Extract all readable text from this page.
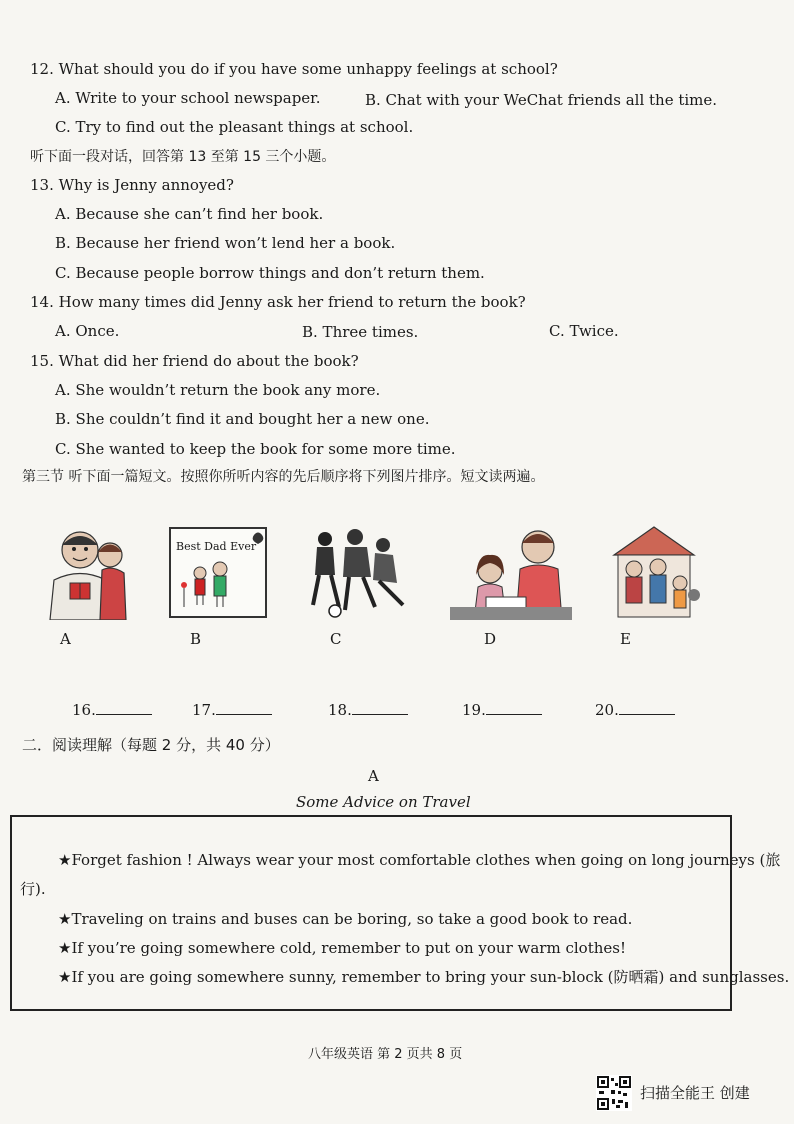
12. What should you do if you have some unhappy feelings at school?
A. Write to your school newspaper.	B. Chat with your WeChat friends all the time.
C. Try to find out the pleasant things at school.
听下面一段对话，回答第 13 至第 15 三个小题。
13. Why is Jenny annoyed?
A. Because she can’t find her book.
B. Because her friend won’t lend her a book.
C. Because people borrow things and don’t return them.
14. How many times did Jenny ask her friend to return the book?
A. Once.	B. Three times.	C. Twice.
15. What did her friend do about the book?
A. She wouldn’t return the book any more.
B. She couldn’t find it and bought her a new one.
C. She wanted to keep the book for some more time.
第三节 听下面一篇短文。按照你所听内容的先后顺序将下列图片排序。短文读两遍。
A
Best Dad Ever
B	C	D	E
16.	17.	18.	19.	20.
二．阅读理解（每题 2 分，共 40 分）
A
Some Advice on Travel
★Forget fashion ! Always wear your most comfortable clothes when going on long journeys (旅
行).
★Traveling on trains and buses can be boring, so take a good book to read.
★If you’re going somewhere cold, remember to put on your warm clothes!
★If you are going somewhere sunny, remember to bring your sun-block (防晒霜) and sunglasses.
八年级英语 第 2 页共 8 页
扫描全能王 创建
